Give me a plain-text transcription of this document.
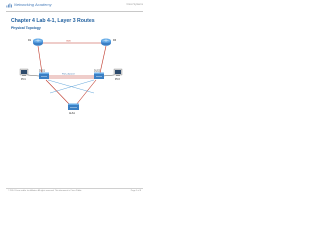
Networking Academy	Cisco Systems
Chapter 4 Lab 4-1, Layer 3 Routes
Physical Topology
R1	R3
G0/0
DLS1	DLS2
Port-channel
ALS1
PC1	PC3
© 2014 Cisco and/or its affiliates. All rights reserved. This document is Cisco Public.	Page 1 of 8
